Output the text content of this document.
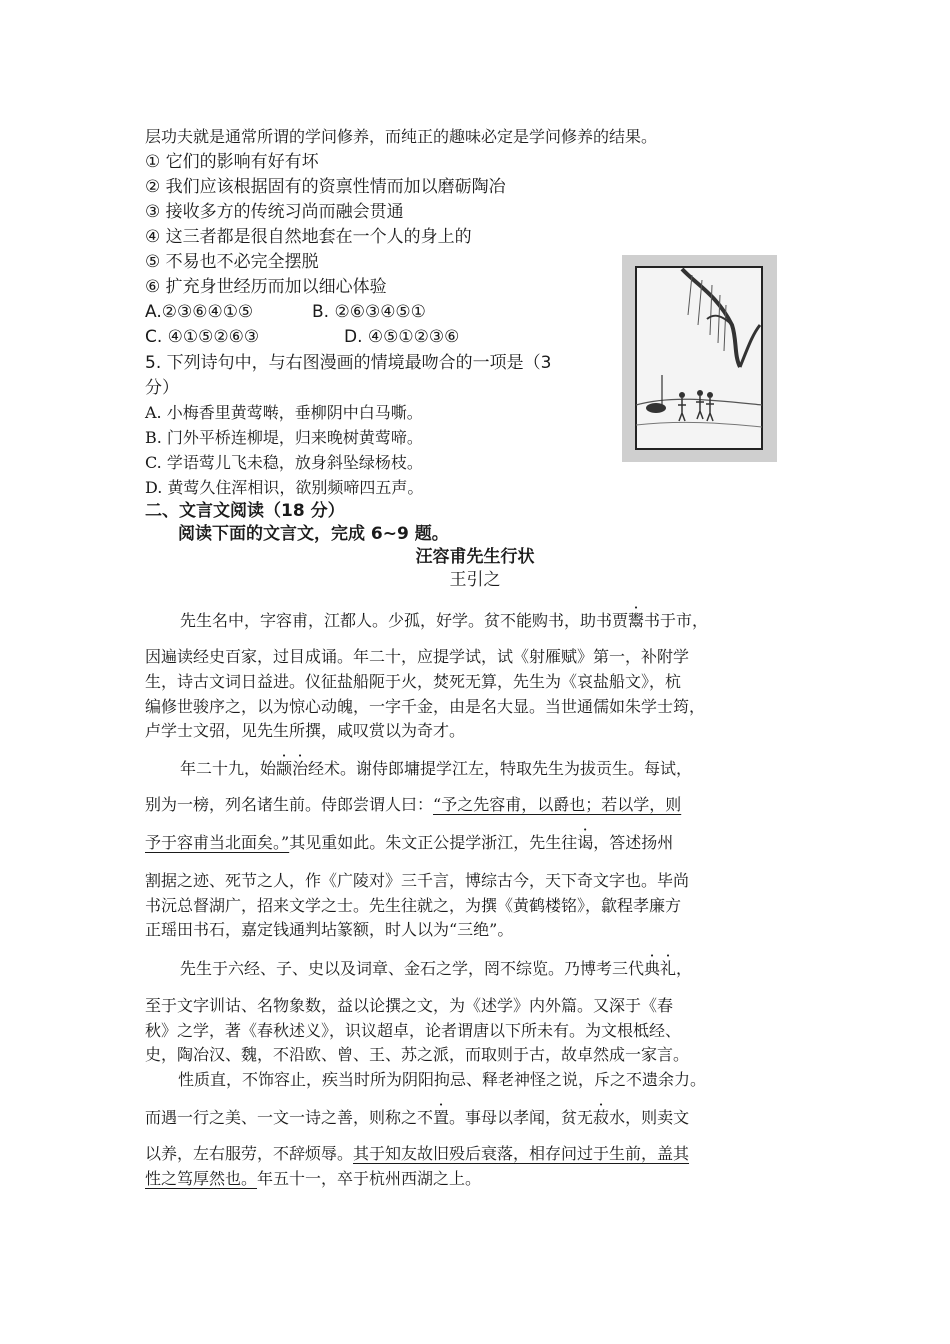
层功夫就是通常所谓的学问修养，而纯正的趣味必定是学问修养的结果。
① 它们的影响有好有坏
② 我们应该根据固有的资禀性情而加以磨砺陶冶
③ 接收多方的传统习尚而融会贯通
④ 这三者都是很自然地套在一个人的身上的
⑤ 不易也不必完全摆脱
⑥ 扩充身世经历而加以细心体验
A.②③⑥④①⑤	B. ②⑥③④⑤①
C. ④①⑤②⑥③	D. ④⑤①②③⑥
5. 下列诗句中，与右图漫画的情境最吻合的一项是（3
分）
A. 小梅香里黄莺啭，垂柳阴中白马嘶。
B. 门外平桥连柳堤，归来晚树黄莺啼。
C. 学语莺儿飞未稳，放身斜坠绿杨枝。
D. 黄莺久住浑相识，欲别频啼四五声。
二、文言文阅读（18 分）
阅读下面的文言文，完成 6~9 题。
汪容甫先生行状
王引之
先生名中，字容甫，江都人。少孤，好学。贫不能购书，助书贾鬻书于市，
因遍读经史百家，过目成诵。年二十，应提学试，试《射雁赋》第一，补附学
生，诗古文词日益进。仪征盐船阨于火，焚死无算，先生为《哀盐船文》，杭
编修世骏序之，以为惊心动魄，一字千金，由是名大显。当世通儒如朱学士筠，
卢学士文弨，见先生所撰，咸叹赏以为奇才。
年二十九，始颛治经术。谢侍郎墉提学江左，特取先生为拔贡生。每试，
别为一榜，列名诸生前。侍郎尝谓人曰：“予之先容甫，以爵也；若以学，则
予于容甫当北面矣。”其见重如此。朱文正公提学浙江，先生往谒，答述扬州
割据之迹、死节之人，作《广陵对》三千言，博综古今，天下奇文字也。毕尚
书沅总督湖广，招来文学之士。先生往就之，为撰《黄鹤楼铭》，歙程孝廉方
正瑶田书石，嘉定钱通判坫篆额，时人以为“三绝”。
先生于六经、子、史以及词章、金石之学，罔不综览。乃博考三代典礼，
至于文字训诂、名物象数，益以论撰之文，为《述学》内外篇。又深于《春
秋》之学，著《春秋述义》，识议超卓，论者谓唐以下所未有。为文根柢经、
史，陶冶汉、魏，不沿欧、曾、王、苏之派，而取则于古，故卓然成一家言。
性质直，不饰容止，疾当时所为阴阳拘忌、释老神怪之说，斥之不遗余力。
而遇一行之美、一文一诗之善，则称之不置。事母以孝闻，贫无菽水，则卖文
以养，左右服劳，不辞烦辱。其于知友故旧殁后衰落，相存问过于生前，盖其
性之笃厚然也。年五十一，卒于杭州西湖之上。
